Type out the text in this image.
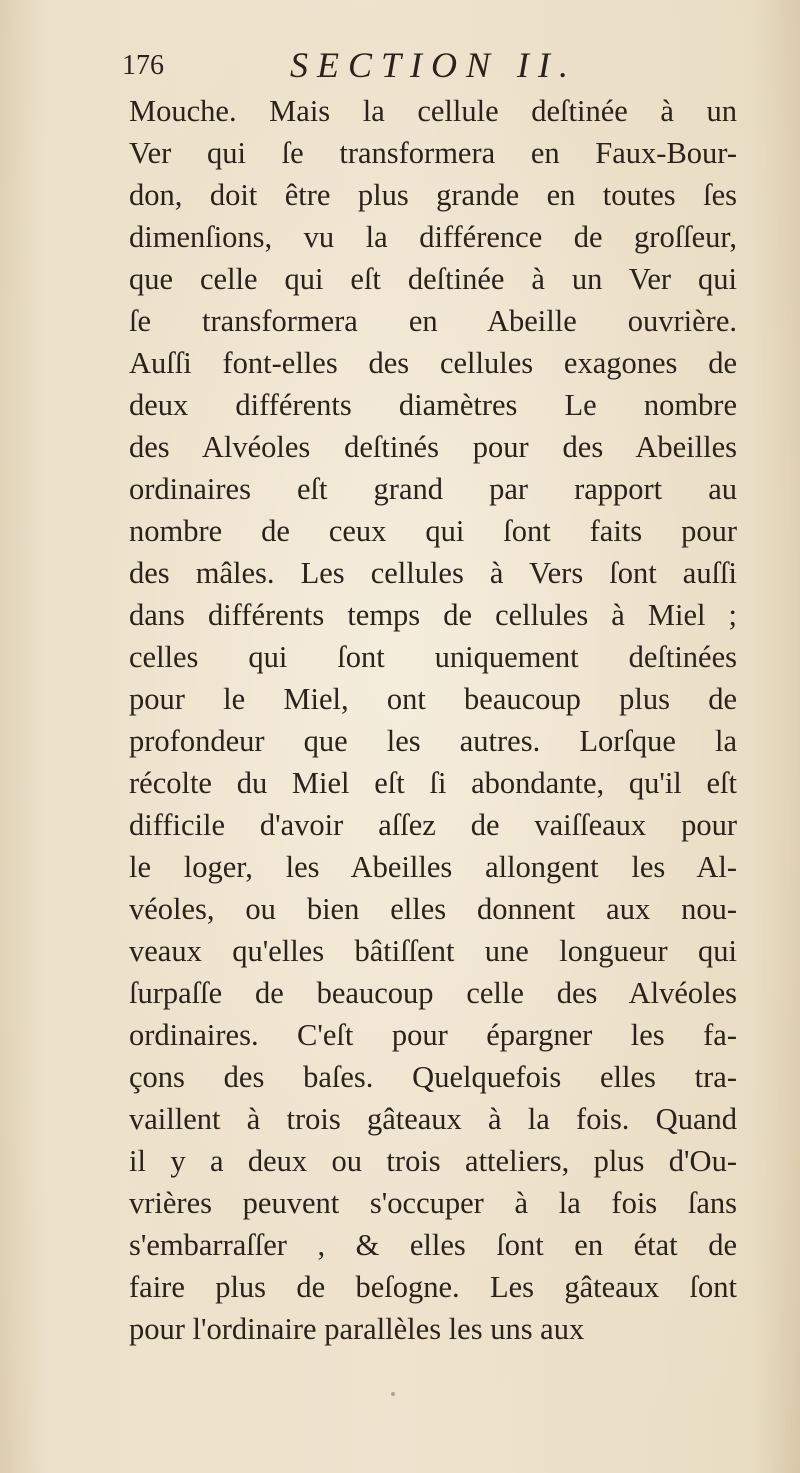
176	SECTION II.
Mouche. Mais la cellule deſtinée à un
Ver qui ſe transformera en Faux-Bour-
don, doit être plus grande en toutes ſes
dimenſions, vu la différence de groſſeur,
que celle qui eſt deſtinée à un Ver qui
ſe transformera en Abeille ouvrière.
Auſſi font-elles des cellules exagones de
deux différents diamètres Le nombre
des Alvéoles deſtinés pour des Abeilles
ordinaires eſt grand par rapport au
nombre de ceux qui ſont faits pour
des mâles. Les cellules à Vers ſont auſſi
dans différents temps de cellules à Miel ;
celles qui ſont uniquement deſtinées
pour le Miel, ont beaucoup plus de
profondeur que les autres. Lorſque la
récolte du Miel eſt ſi abondante, qu'il eſt
difficile d'avoir aſſez de vaiſſeaux pour
le loger, les Abeilles allongent les Al-
véoles, ou bien elles donnent aux nou-
veaux qu'elles bâtiſſent une longueur qui
ſurpaſſe de beaucoup celle des Alvéoles
ordinaires. C'eſt pour épargner les fa-
çons des baſes. Quelquefois elles tra-
vaillent à trois gâteaux à la fois. Quand
il y a deux ou trois atteliers, plus d'Ou-
vrières peuvent s'occuper à la fois ſans
s'embarraſſer , & elles ſont en état de
faire plus de beſogne. Les gâteaux ſont
pour l'ordinaire parallèles les uns aux
